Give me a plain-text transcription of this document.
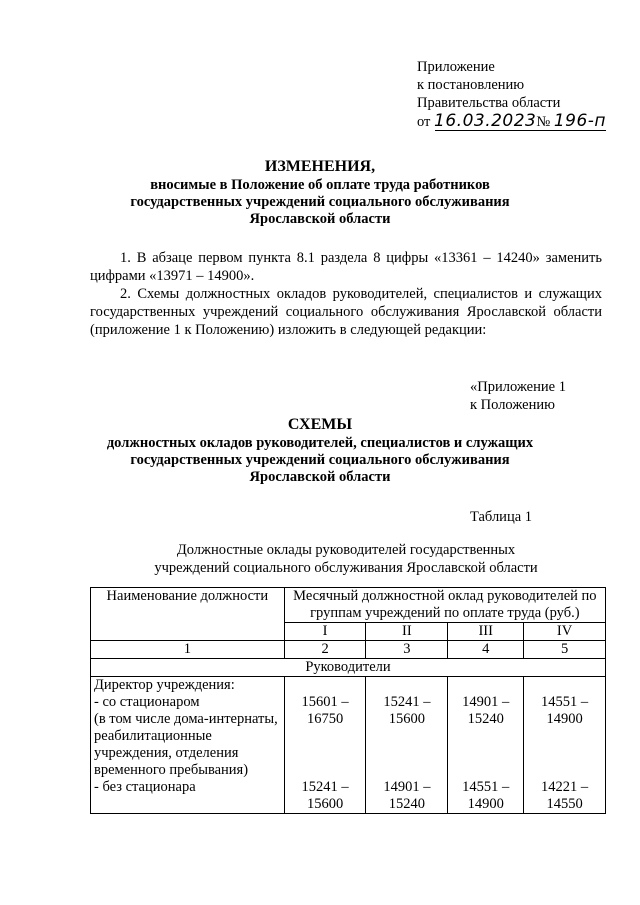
Приложение
к постановлению
Правительства области
от 16.03.2023№ 196-п
ИЗМЕНЕНИЯ,
вносимые в Положение об оплате труда работников
государственных учреждений социального обслуживания
Ярославской области
1. В абзаце первом пункта 8.1 раздела 8 цифры «13361 – 14240» заменить цифрами «13971 – 14900».
2. Схемы должностных окладов руководителей, специалистов и служащих государственных учреждений социального обслуживания Ярославской области (приложение 1 к Положению) изложить в следующей редакции:
«Приложение 1
к Положению
СХЕМЫ
должностных окладов руководителей, специалистов и служащих
государственных учреждений социального обслуживания
Ярославской области
Таблица 1
Должностные оклады руководителей государственных
учреждений социального обслуживания Ярославской области
Наименование должности	Месячный должностной оклад руководителей по группам учреждений по оплате труда (руб.)			
	I	II	III	IV
1	2	3	4	5
Руководители				

Директор учреждения:
- со стационаром
(в том числе дома-интернаты, реабилитационные учреждения, отделения временного пребывания)	15601 – 16750	15241 – 15600	14901 – 15240	14551 – 14900
- без стационара	15241 – 15600	14901 – 15240	14551 – 14900	14221 – 14550
